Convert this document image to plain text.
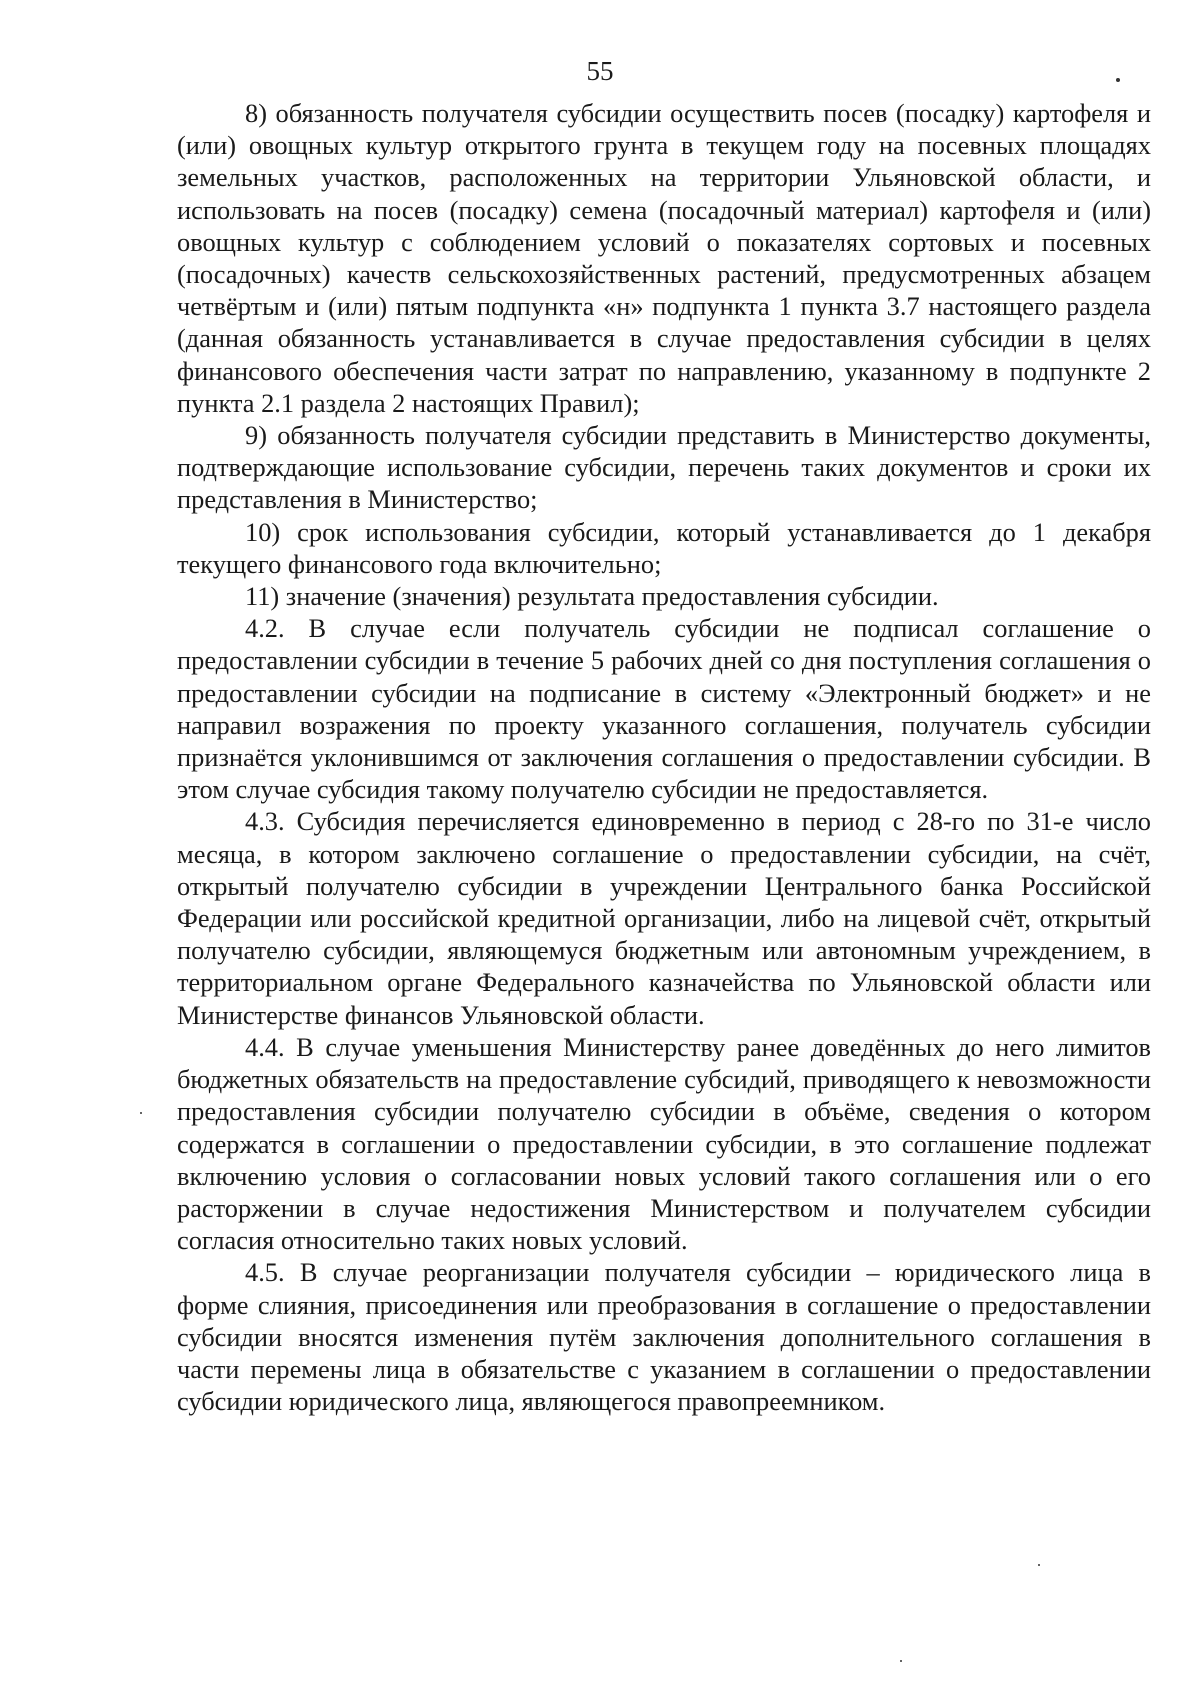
55

8) обязанность получателя субсидии осуществить посев (посадку) картофеля и (или) овощных культур открытого грунта в текущем году на посевных площадях земельных участков, расположенных на территории Ульяновской области, и использовать на посев (посадку) семена (посадочный материал) картофеля и (или) овощных культур с соблюдением условий о показателях сортовых и посевных (посадочных) качеств сельскохозяйственных растений, предусмотренных абзацем четвёртым и (или) пятым подпункта «н» подпункта 1 пункта 3.7 настоящего раздела (данная обязанность устанавливается в случае предоставления субсидии в целях финансового обеспечения части затрат по направлению, указанному в подпункте 2 пункта 2.1 раздела 2 настоящих Правил);

9) обязанность получателя субсидии представить в Министерство документы, подтверждающие использование субсидии, перечень таких документов и сроки их представления в Министерство;

10) срок использования субсидии, который устанавливается до 1 декабря текущего финансового года включительно;

11) значение (значения) результата предоставления субсидии.

4.2. В случае если получатель субсидии не подписал соглашение о предоставлении субсидии в течение 5 рабочих дней со дня поступления соглашения о предоставлении субсидии на подписание в систему «Электронный бюджет» и не направил возражения по проекту указанного соглашения, получатель субсидии признаётся уклонившимся от заключения соглашения о предоставлении субсидии. В этом случае субсидия такому получателю субсидии не предоставляется.

4.3. Субсидия перечисляется единовременно в период с 28-го по 31-е число месяца, в котором заключено соглашение о предоставлении субсидии, на счёт, открытый получателю субсидии в учреждении Центрального банка Российской Федерации или российской кредитной организации, либо на лицевой счёт, открытый получателю субсидии, являющемуся бюджетным или автономным учреждением, в территориальном органе Федерального казначейства по Ульяновской области или Министерстве финансов Ульяновской области.

4.4. В случае уменьшения Министерству ранее доведённых до него лимитов бюджетных обязательств на предоставление субсидий, приводящего к невозможности предоставления субсидии получателю субсидии в объёме, сведения о котором содержатся в соглашении о предоставлении субсидии, в это соглашение подлежат включению условия о согласовании новых условий такого соглашения или о его расторжении в случае недостижения Министерством и получателем субсидии согласия относительно таких новых условий.

4.5. В случае реорганизации получателя субсидии – юридического лица в форме слияния, присоединения или преобразования в соглашение о предоставлении субсидии вносятся изменения путём заключения дополнительного соглашения в части перемены лица в обязательстве с указанием в соглашении о предоставлении субсидии юридического лица, являющегося правопреемником.
